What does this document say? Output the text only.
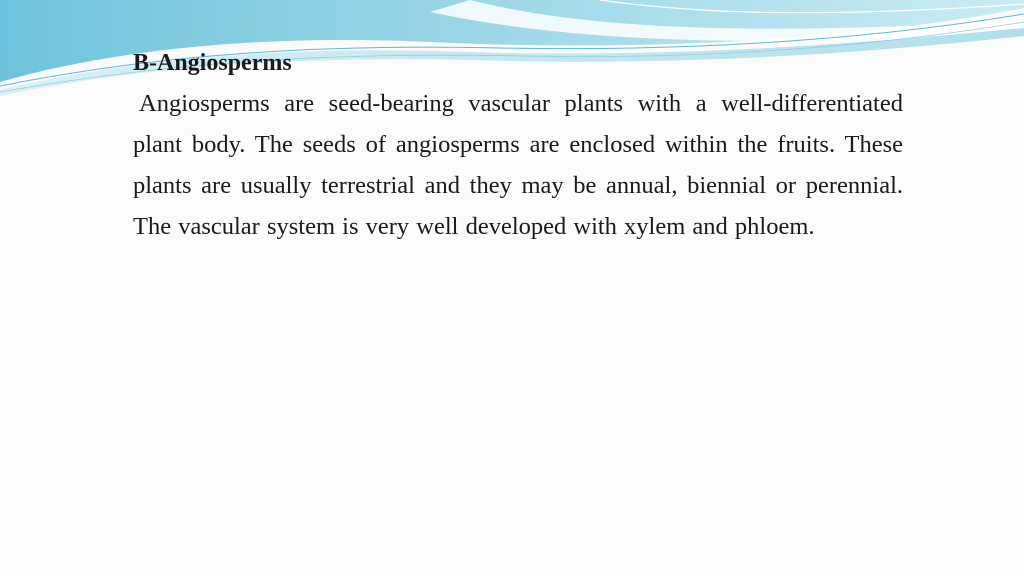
B-Angiosperms

Angiosperms are seed-bearing vascular plants with a well-differentiated plant body. The seeds of angiosperms are enclosed within the fruits. These plants are usually terrestrial and they may be annual, biennial or perennial. The vascular system is very well developed with xylem and phloem.
